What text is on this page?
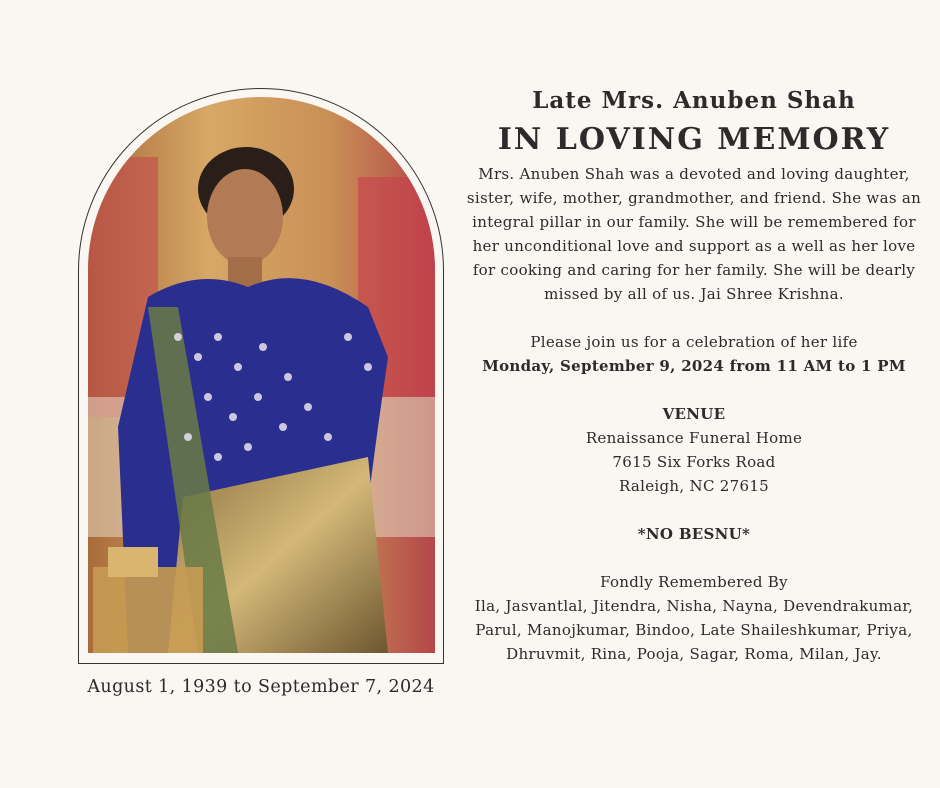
August 1, 1939 to September 7, 2024
Late Mrs. Anuben Shah
IN LOVING MEMORY

Mrs. Anuben Shah was a devoted and loving daughter, sister, wife, mother, grandmother, and friend. She was an integral pillar in our family. She will be remembered for her unconditional love and support as a well as her love for cooking and caring for her family. She will be dearly missed by all of us. Jai Shree Krishna.

Please join us for a celebration of her life

Monday, September 9, 2024 from 11 AM to 1 PM

VENUE

Renaissance Funeral Home

7615 Six Forks Road

Raleigh, NC 27615

*NO BESNU*

Fondly Remembered By

Ila, Jasvantlal, Jitendra, Nisha, Nayna, Devendrakumar, Parul, Manojkumar, Bindoo, Late Shaileshkumar, Priya, Dhruvmit, Rina, Pooja, Sagar, Roma, Milan, Jay.
